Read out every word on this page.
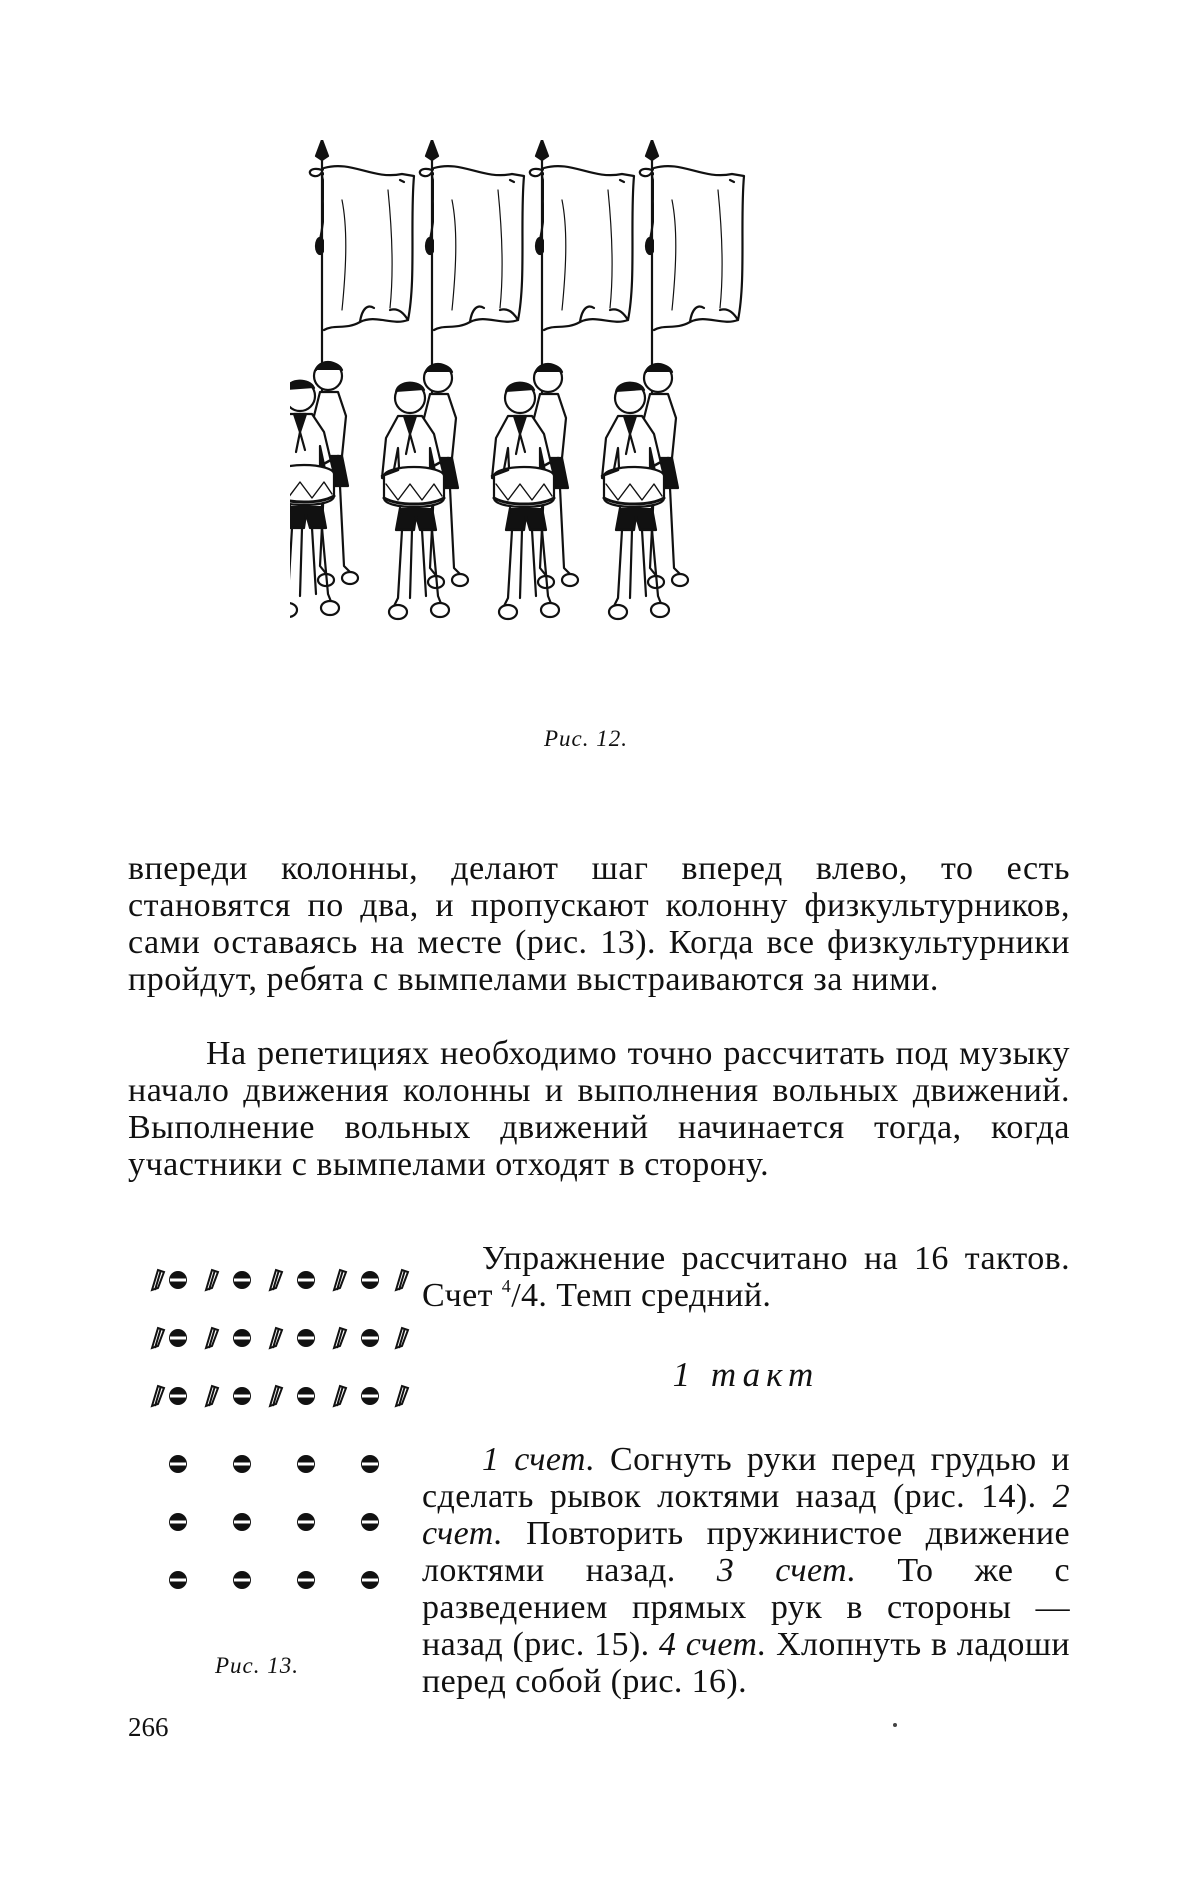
Рис. 12.

впереди колонны, делают шаг вперед влево, то есть становятся по два, и пропускают колонну физкультурников, сами оставаясь на месте (рис. 13). Когда все физкультурники пройдут, ребята с вымпелами выстраиваются за ними.

На репетициях необходимо точно рассчитать под музыку начало движения колонны и выполнения вольных движений. Выполнение вольных движений начинается тогда, когда участники с вымпелами отходят в сторону.

Рис. 13.

Упражнение рассчитано на 16 тактов. Счет $^4$/4. Темп средний.

1 такт

1 счет. Согнуть руки перед грудью и сделать рывок локтями назад (рис. 14). 2 счет. Повторить пружинистое движение локтями назад. 3 счет. То же с разведением прямых рук в стороны — назад (рис. 15). 4 счет. Хлопнуть в ладоши перед собой (рис. 16).

266
